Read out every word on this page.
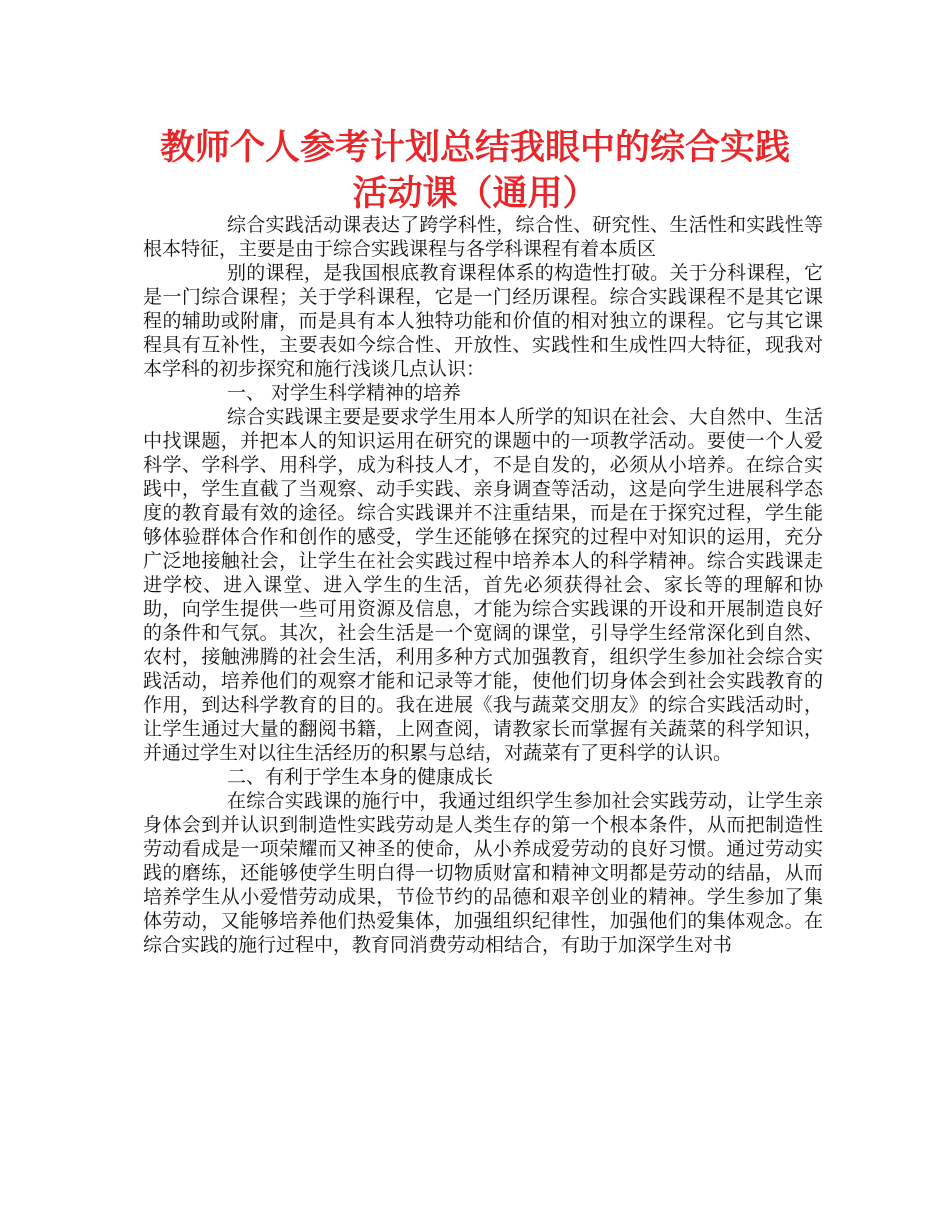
教师个人参考计划总结我眼中的综合实践
活动课（通用）

综合实践活动课表达了跨学科性，综合性、研究性、生活性和实践性等根本特征，主要是由于综合实践课程与各学科课程有着本质区

别的课程，是我国根底教育课程体系的构造性打破。关于分科课程，它是一门综合课程；关于学科课程，它是一门经历课程。综合实践课程不是其它课程的辅助或附庸，而是具有本人独特功能和价值的相对独立的课程。它与其它课程具有互补性，主要表如今综合性、开放性、实践性和生成性四大特征，现我对本学科的初步探究和施行浅谈几点认识：

一、 对学生科学精神的培养

综合实践课主要是要求学生用本人所学的知识在社会、大自然中、生活中找课题，并把本人的知识运用在研究的课题中的一项教学活动。要使一个人爱科学、学科学、用科学，成为科技人才，不是自发的，必须从小培养。在综合实践中，学生直截了当观察、动手实践、亲身调查等活动，这是向学生进展科学态度的教育最有效的途径。综合实践课并不注重结果，而是在于探究过程，学生能够体验群体合作和创作的感受，学生还能够在探究的过程中对知识的运用，充分广泛地接触社会，让学生在社会实践过程中培养本人的科学精神。综合实践课走进学校、进入课堂、进入学生的生活，首先必须获得社会、家长等的理解和协助，向学生提供一些可用资源及信息，才能为综合实践课的开设和开展制造良好的条件和气氛。其次，社会生活是一个宽阔的课堂，引导学生经常深化到自然、农村，接触沸腾的社会生活，利用多种方式加强教育，组织学生参加社会综合实践活动，培养他们的观察才能和记录等才能，使他们切身体会到社会实践教育的作用，到达科学教育的目的。我在进展《我与蔬菜交朋友》的综合实践活动时，让学生通过大量的翻阅书籍，上网查阅，请教家长而掌握有关蔬菜的科学知识，并通过学生对以往生活经历的积累与总结，对蔬菜有了更科学的认识。

二、有利于学生本身的健康成长

在综合实践课的施行中，我通过组织学生参加社会实践劳动，让学生亲身体会到并认识到制造性实践劳动是人类生存的第一个根本条件，从而把制造性劳动看成是一项荣耀而又神圣的使命，从小养成爱劳动的良好习惯。通过劳动实践的磨练，还能够使学生明白得一切物质财富和精神文明都是劳动的结晶，从而培养学生从小爱惜劳动成果，节俭节约的品德和艰辛创业的精神。学生参加了集体劳动，又能够培养他们热爱集体，加强组织纪律性，加强他们的集体观念。在综合实践的施行过程中，教育同消费劳动相结合，有助于加深学生对书
